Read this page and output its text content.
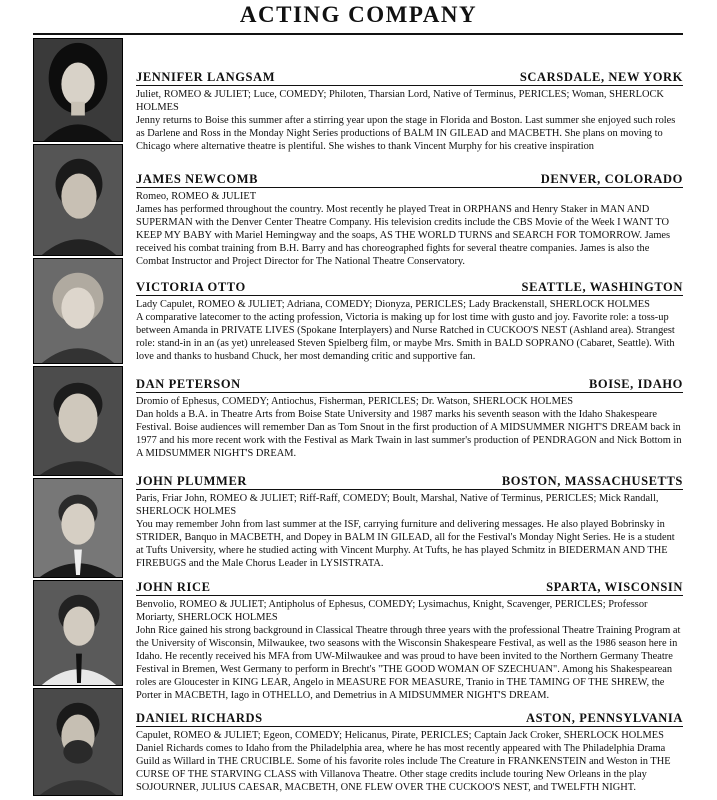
ACTING COMPANY
JENNIFER LANGSAM	SCARSDALE, NEW YORK

Juliet, ROMEO & JULIET; Luce, COMEDY; Philoten, Tharsian Lord, Native of Terminus, PERICLES; Woman, SHERLOCK HOLMES

Jenny returns to Boise this summer after a stirring year upon the stage in Florida and Boston. Last summer she enjoyed such roles as Darlene and Ross in the Monday Night Series productions of BALM IN GILEAD and MACBETH. She plans on moving to Chicago where alternative theatre is plentiful. She wishes to thank Vincent Murphy for his creative inspiration

JAMES NEWCOMB	DENVER, COLORADO

Romeo, ROMEO & JULIET

James has performed throughout the country. Most recently he played Treat in ORPHANS and Henry Staker in MAN AND SUPERMAN with the Denver Center Theatre Company. His television credits include the CBS Movie of the Week I WANT TO KEEP MY BABY with Mariel Hemingway and the soaps, AS THE WORLD TURNS and SEARCH FOR TOMORROW. James received his combat training from B.H. Barry and has choreographed fights for several theatre companies. James is also the Combat Instructor and Project Director for The National Theatre Conservatory.

VICTORIA OTTO	SEATTLE, WASHINGTON

Lady Capulet, ROMEO & JULIET; Adriana, COMEDY; Dionyza, PERICLES; Lady Brackenstall, SHERLOCK HOLMES

A comparative latecomer to the acting profession, Victoria is making up for lost time with gusto and joy. Favorite role: a toss-up between Amanda in PRIVATE LIVES (Spokane Interplayers) and Nurse Ratched in CUCKOO'S NEST (Ashland area). Strangest role: stand-in in an (as yet) unreleased Steven Spielberg film, or maybe Mrs. Smith in BALD SOPRANO (Cabaret, Seattle). With love and thanks to husband Chuck, her most demanding critic and supportive fan.

DAN PETERSON	BOISE, IDAHO

Dromio of Ephesus, COMEDY; Antiochus, Fisherman, PERICLES; Dr. Watson, SHERLOCK HOLMES

Dan holds a B.A. in Theatre Arts from Boise State University and 1987 marks his seventh season with the Idaho Shakespeare Festival. Boise audiences will remember Dan as Tom Snout in the first production of A MIDSUMMER NIGHT'S DREAM back in 1977 and his more recent work with the Festival as Mark Twain in last summer's production of PENDRAGON and Nick Bottom in A MIDSUMMER NIGHT'S DREAM.

JOHN PLUMMER	BOSTON, MASSACHUSETTS

Paris, Friar John, ROMEO & JULIET; Riff-Raff, COMEDY; Boult, Marshal, Native of Terminus, PERICLES; Mick Randall, SHERLOCK HOLMES

You may remember John from last summer at the ISF, carrying furniture and delivering messages. He also played Bobrinsky in STRIDER, Banquo in MACBETH, and Dopey in BALM IN GILEAD, all for the Festival's Monday Night Series. He is a student at Tufts University, where he studied acting with Vincent Murphy. At Tufts, he has played Schmitz in BIEDERMAN AND THE FIREBUGS and the Male Chorus Leader in LYSISTRATA.

JOHN RICE	SPARTA, WISCONSIN

Benvolio, ROMEO & JULIET; Antipholus of Ephesus, COMEDY; Lysimachus, Knight, Scavenger, PERICLES; Professor Moriarty, SHERLOCK HOLMES

John Rice gained his strong background in Classical Theatre through three years with the professional Theatre Training Program at the University of Wisconsin, Milwaukee, two seasons with the Wisconsin Shakespeare Festival, as well as the 1986 season here in Idaho. He recently received his MFA from UW-Milwaukee and was proud to have been invited to the Northern Germany Theatre Festival in Bremen, West Germany to perform in Brecht's "THE GOOD WOMAN OF SZECHUAN". Among his Shakespearean roles are Gloucester in KING LEAR, Angelo in MEASURE FOR MEASURE, Tranio in THE TAMING OF THE SHREW, the Porter in MACBETH, Iago in OTHELLO, and Demetrius in A MIDSUMMER NIGHT'S DREAM.

DANIEL RICHARDS	ASTON, PENNSYLVANIA

Capulet, ROMEO & JULIET; Egeon, COMEDY; Helicanus, Pirate, PERICLES; Captain Jack Croker, SHERLOCK HOLMES

Daniel Richards comes to Idaho from the Philadelphia area, where he has most recently appeared with The Philadelphia Drama Guild as Willard in THE CRUCIBLE. Some of his favorite roles include The Creature in FRANKENSTEIN and Weston in THE CURSE OF THE STARVING CLASS with Villanova Theatre. Other stage credits include touring New Orleans in the play SOJOURNER, JULIUS CAESAR, MACBETH, ONE FLEW OVER THE CUCKOO'S NEST, and TWELFTH NIGHT.
